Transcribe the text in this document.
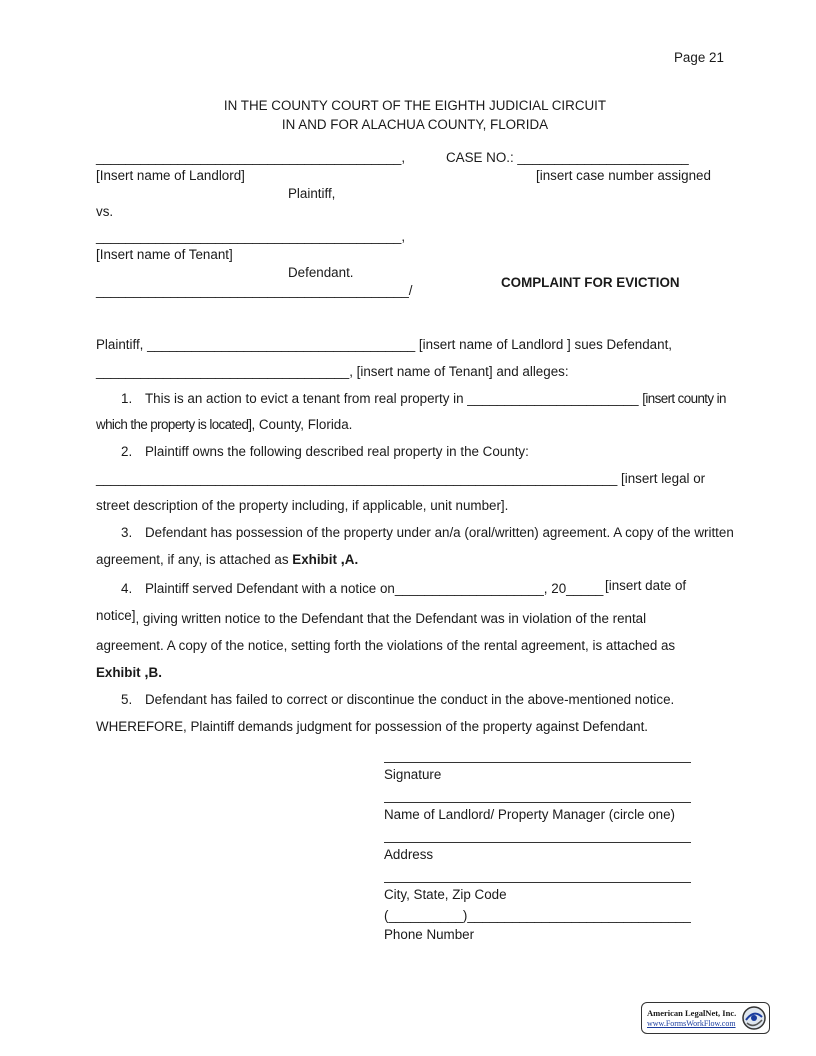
Page 21
IN THE COUNTY COURT OF THE EIGHTH JUDICIAL CIRCUIT
IN AND FOR ALACHUA COUNTY, FLORIDA
_________________________________________,	CASE NO.: _______________________
[Insert name of Landlord]	[insert case number assigned
Plaintiff,
vs.
_________________________________________,
[Insert name of Tenant]
Defendant.
__________________________________________/
COMPLAINT FOR EVICTION
Plaintiff, ____________________________________ [insert name of Landlord ] sues Defendant,
__________________________________, [insert name of Tenant] and alleges:
1. This is an action to evict a tenant from real property in _______________________ [insert county in
which the property is located], County, Florida.
2. Plaintiff owns the following described real property in the County:
______________________________________________________________________ [insert legal or
street description of the property including, if applicable, unit number].
3. Defendant has possession of the property under an/a (oral/written) agreement. A copy of the written
agreement, if any, is attached as Exhibit ,A.
4. Plaintiff served Defendant with a notice on____________________, 20_____ [insert date of
notice], giving written notice to the Defendant that the Defendant was in violation of the rental
agreement. A copy of the notice, setting forth the violations of the rental agreement, is attached as
Exhibit ,B.
5. Defendant has failed to correct or discontinue the conduct in the above-mentioned notice.
WHEREFORE, Plaintiff demands judgment for possession of the property against Defendant.
Signature
Name of Landlord/ Property Manager (circle one)
Address
City, State, Zip Code
(__________)______________________________
Phone Number
American LegalNet, Inc.
www.FormsWorkFlow.com
